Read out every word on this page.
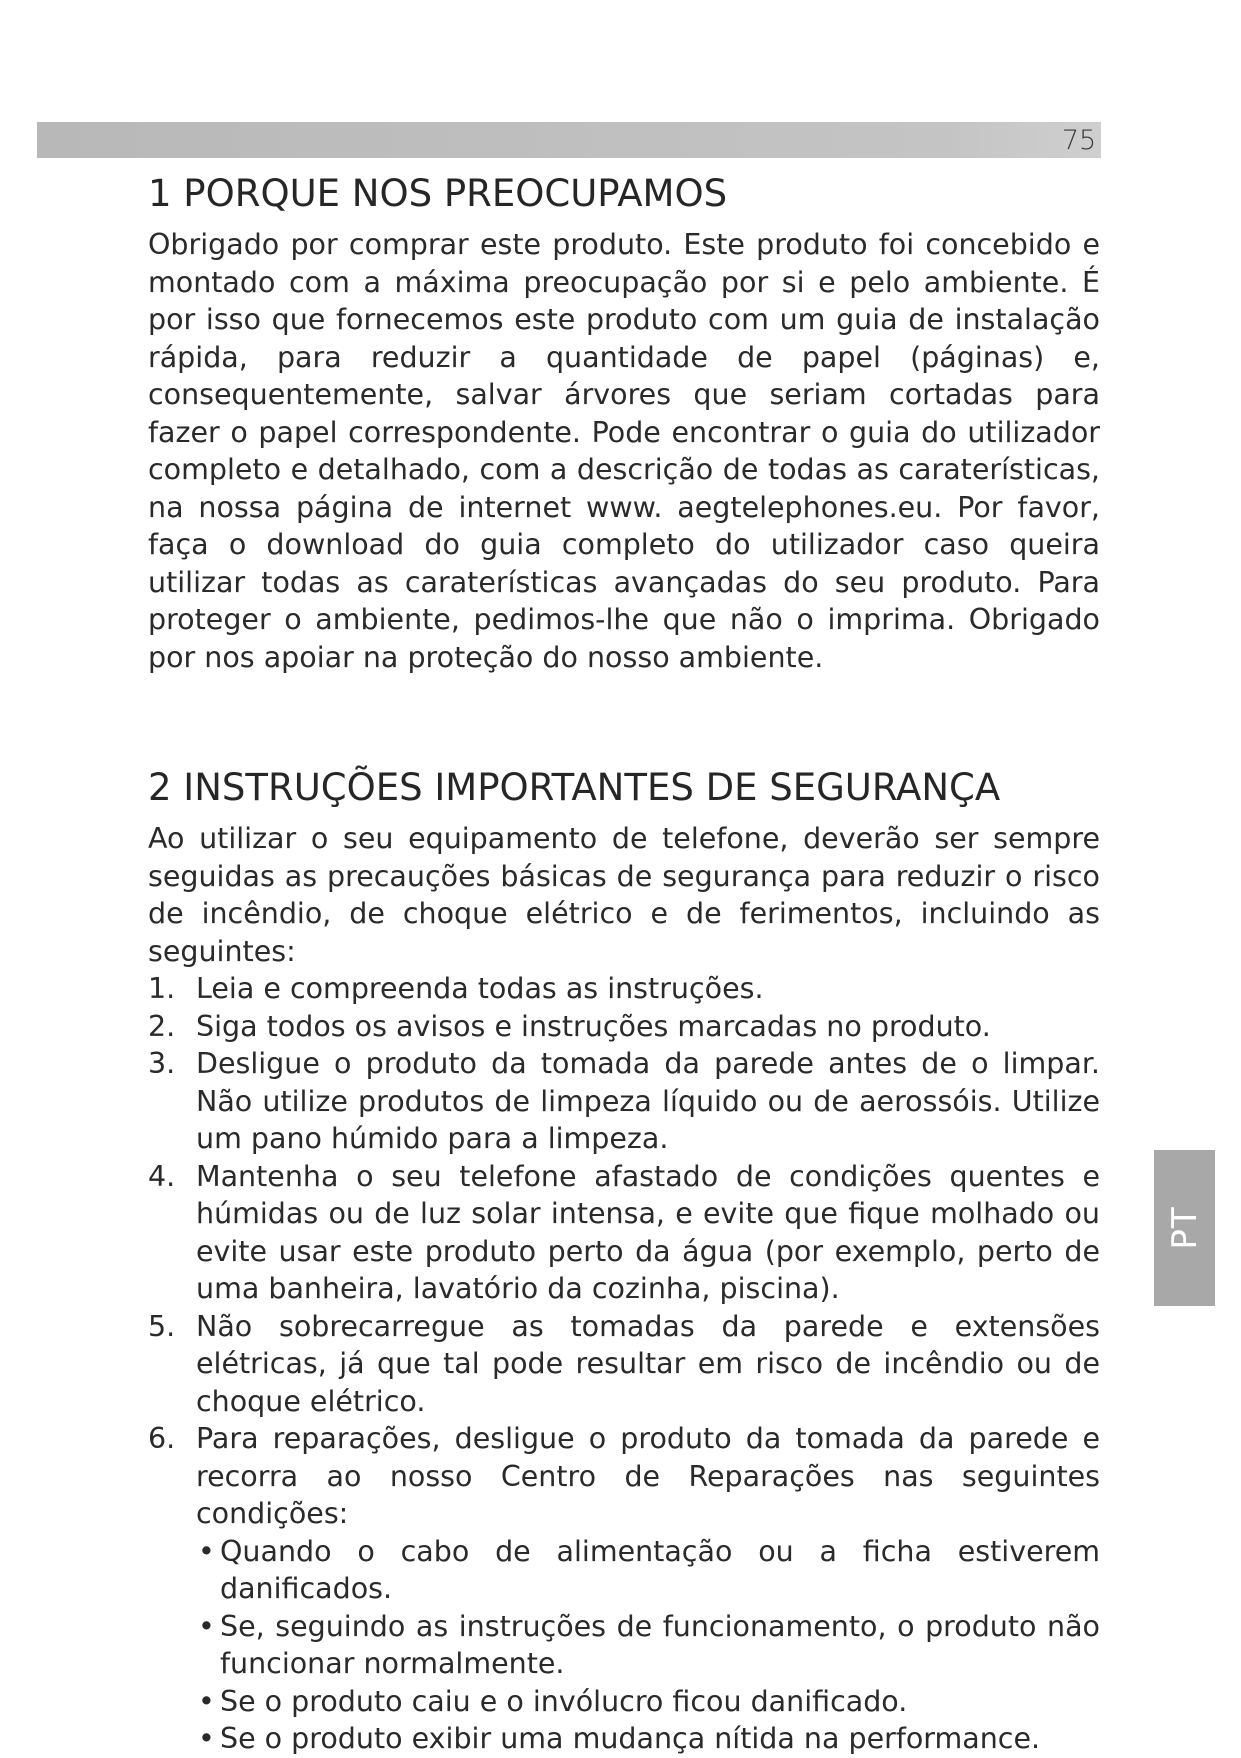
75
PT
1 PORQUE NOS PREOCUPAMOS

Obrigado por comprar este produto. Este produto foi concebido e montado com a máxima preocupação por si e pelo ambiente. É por isso que fornecemos este produto com um guia de instalação rápida, para reduzir a quantidade de papel (páginas) e, consequentemente, salvar árvores que seriam cortadas para fazer o papel correspondente. Pode encontrar o guia do utilizador completo e detalhado, com a descrição de todas as caraterísticas, na nossa página de internet www. aegtelephones.eu. Por favor, faça o download do guia completo do utilizador caso queira utilizar todas as caraterísticas avançadas do seu produto. Para proteger o ambiente, pedimos-lhe que não o imprima. Obrigado por nos apoiar na proteção do nosso ambiente.

2 INSTRUÇÕES IMPORTANTES DE SEGURANÇA

Ao utilizar o seu equipamento de telefone, deverão ser sempre seguidas as precauções básicas de segurança para reduzir o risco de incêndio, de choque elétrico e de ferimentos, incluindo as seguintes:

1. Leia e compreenda todas as instruções.
2. Siga todos os avisos e instruções marcadas no produto.
3. Desligue o produto da tomada da parede antes de o limpar. Não utilize produtos de limpeza líquido ou de aerossóis. Utilize um pano húmido para a limpeza.
4. Mantenha o seu telefone afastado de condições quentes e húmidas ou de luz solar intensa, e evite que fique molhado ou evite usar este produto perto da água (por exemplo, perto de uma banheira, lavatório da cozinha, piscina).
5. Não sobrecarregue as tomadas da parede e extensões elétricas, já que tal pode resultar em risco de incêndio ou de choque elétrico.
6. Para reparações, desligue o produto da tomada da parede e recorra ao nosso Centro de Reparações nas seguintes condições:
• Quando o cabo de alimentação ou a ficha estiverem danificados.
• Se, seguindo as instruções de funcionamento, o produto não funcionar normalmente.
• Se o produto caiu e o invólucro ficou danificado.
• Se o produto exibir uma mudança nítida na performance.
